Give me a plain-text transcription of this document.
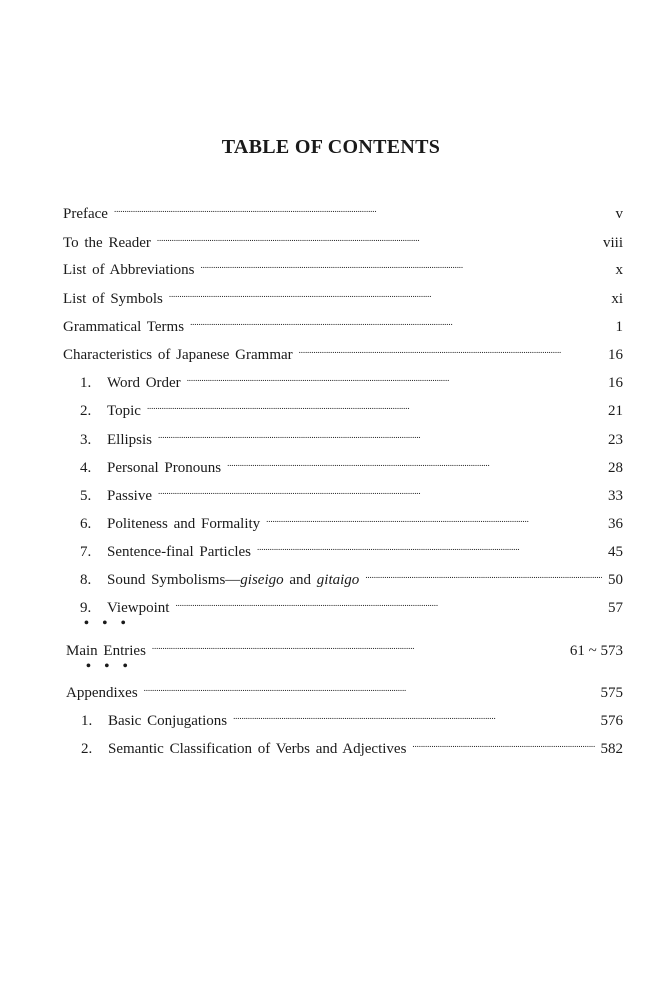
TABLE OF CONTENTS
Preface . . .	v
To the Reader . . .	viii
List of Abbreviations . . .	x
List of Symbols . . .	xi
Grammatical Terms . . .	1
Characteristics of Japanese Grammar . . .	16
1.	Word Order . . .	16
2.	Topic . . .	21
3.	Ellipsis . . .	23
4.	Personal Pronouns . . .	28
5.	Passive . . .	33
6.	Politeness and Formality . . .	36
7.	Sentence-final Particles . . .	45
8.	Sound Symbolisms—giseigo and gitaigo . . .	50
9.	Viewpoint . . .	57
• • •
Main Entries . . .	61 ~ 573
• • •
Appendixes . . .	575
1.	Basic Conjugations . . .	576
2.	Semantic Classification of Verbs and Adjectives . . .	582
